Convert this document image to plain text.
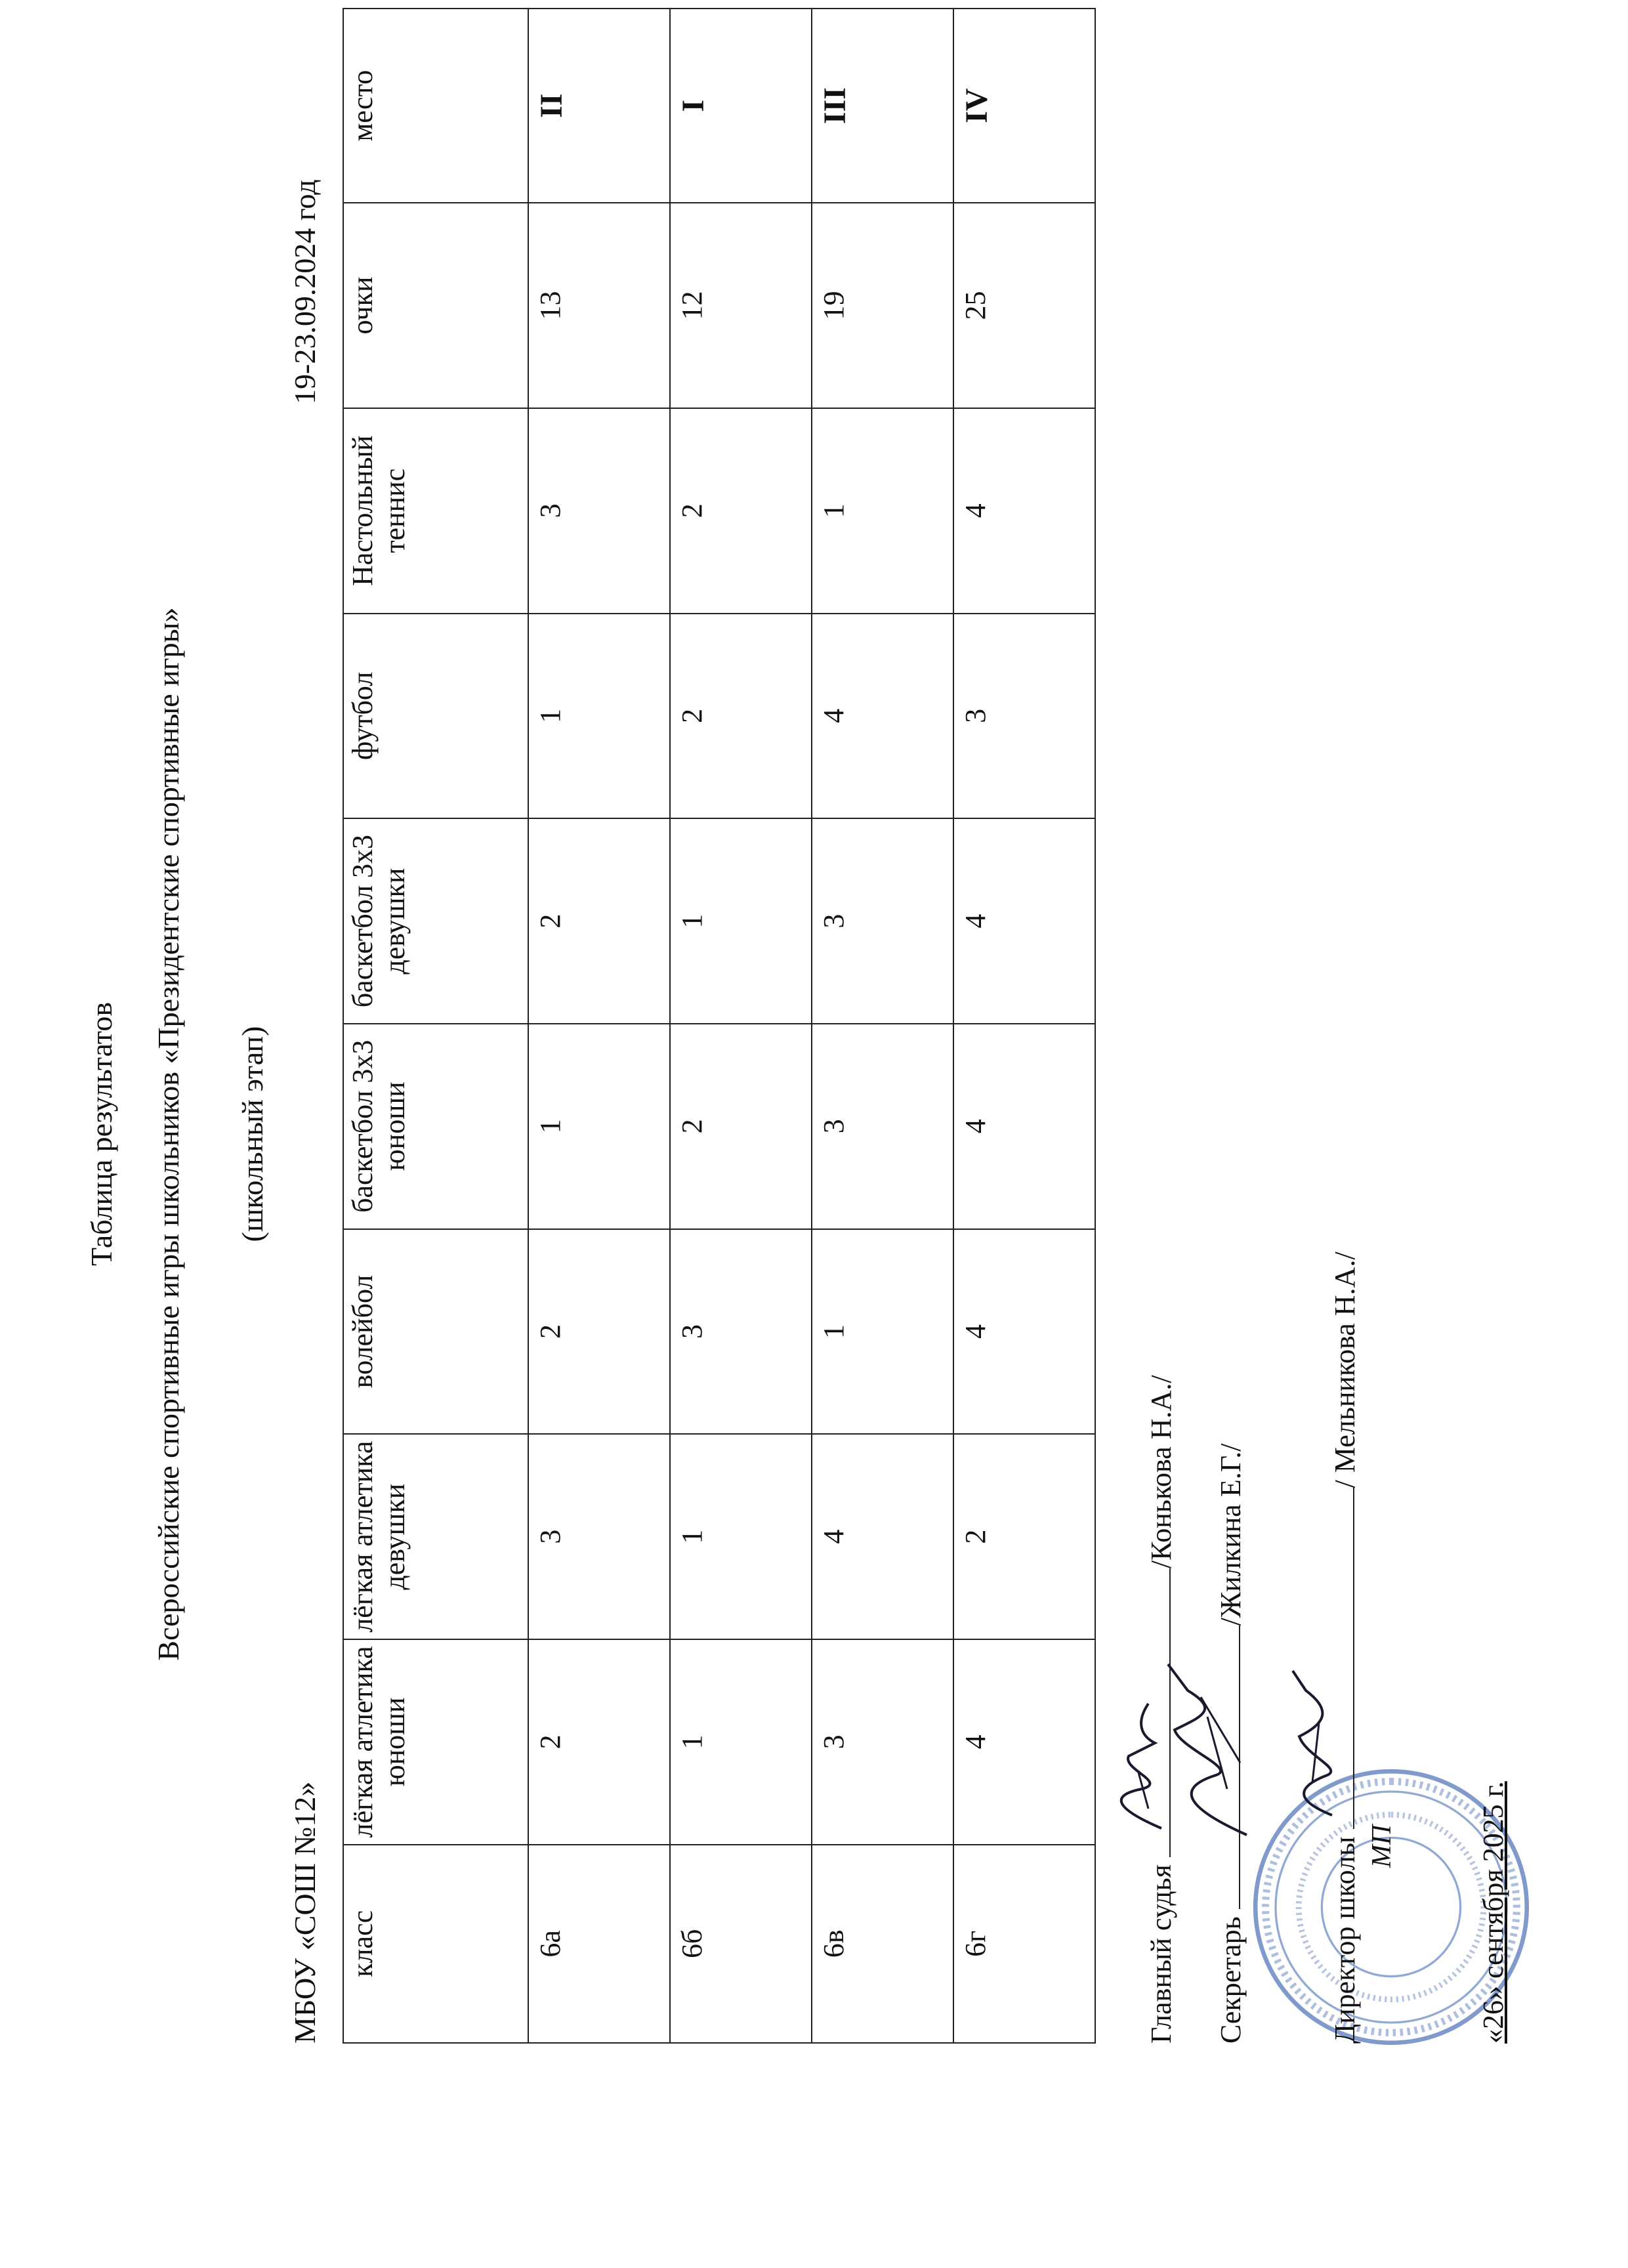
Таблица результатов Всероссийские спортивные игры школьников «Президентские спортивные игры» (школьный этап)
МБОУ «СОШ №12»
19-23.09.2024 год
класс	лёгкая атлетика юноши	лёгкая атлетика девушки	волейбол	баскетбол 3х3 юноши	баскетбол 3х3 девушки	футбол	Настольный теннис	очки	место
6а	2	3	2	1	2	1	3	13	II
6б	1	1	3	2	1	2	2	12	I
6в	3	4	1	3	3	4	1	19	III
6г	4	2	4	4	4	3	4	25	IV
Главный судья /Конькова Н.А./
Секретарь /Жилкина Е.Г./
Директор школы / Мельникова Н.А./
МП	«26» сентября 2025 г.
